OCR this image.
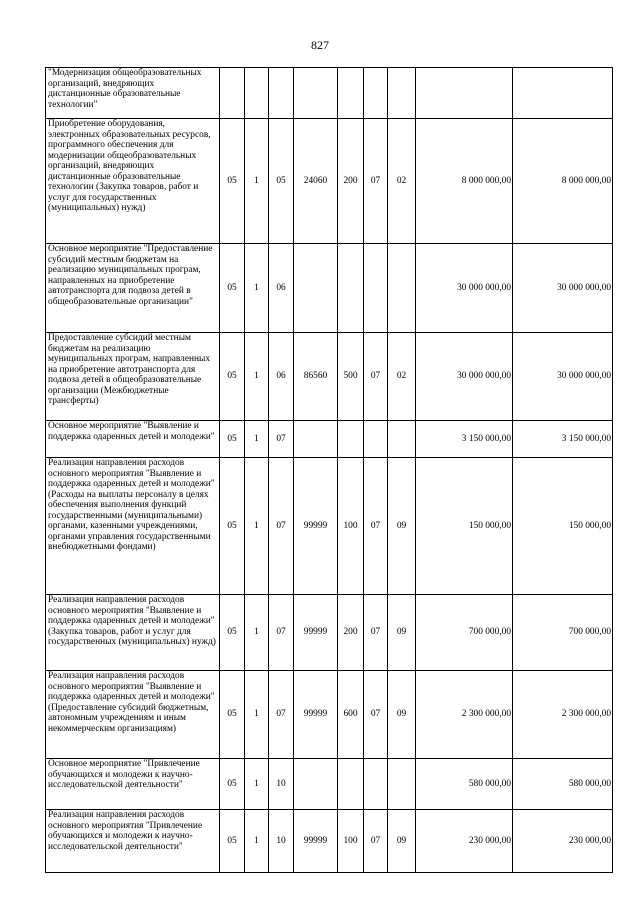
827
"Модернизация общеобразовательных организаций, внедряющих дистанционные образовательные технологии"									
Приобретение оборудования, электронных образовательных ресурсов, программного обеспечения для модернизации общеобразовательных организаций, внедряющих дистанционные образовательные технологии (Закупка товаров, работ и услуг для государственных (муниципальных) нужд)	05	1	05	24060	200	07	02	8 000 000,00	8 000 000,00
Основное мероприятие "Предоставление субсидий местным бюджетам на реализацию муниципальных програм, направленных на приобретение автотранспорта для подвоза детей в общеобразовательные организации"	05	1	06					30 000 000,00	30 000 000,00
Предоставление субсидий местным бюджетам на реализацию муниципальных програм, направленных на приобретение автотранспорта для подвоза детей в общеобразовательные организации (Межбюджетные трансферты)	05	1	06	86560	500	07	02	30 000 000,00	30 000 000,00
Основное мероприятие "Выявление и поддержка одаренных детей и молодежи"	05	1	07					3 150 000,00	3 150 000,00
Реализация направления расходов основного мероприятия "Выявление и поддержка одаренных детей и молодежи" (Расходы на выплаты персоналу в целях обеспечения выполнения функций государственными (муниципальными) органами, казенными учреждениями, органами управления государственными внебюджетными фондами)	05	1	07	99999	100	07	09	150 000,00	150 000,00
Реализация направления расходов основного мероприятия "Выявление и поддержка одаренных детей и молодежи" (Закупка товаров, работ и услуг для государственных (муниципальных) нужд)	05	1	07	99999	200	07	09	700 000,00	700 000,00
Реализация направления расходов основного мероприятия "Выявление и поддержка одаренных детей и молодежи" (Предоставление субсидий бюджетным, автономным учреждениям и иным некоммерческим организациям)	05	1	07	99999	600	07	09	2 300 000,00	2 300 000,00
Основное мероприятие "Привлечение обучающихся и молодежи к научно-исследовательской деятельности"	05	1	10					580 000,00	580 000,00
Реализация направления расходов основного мероприятия "Привлечение обучающихся и молодежи к научно-исследовательской деятельности"	05	1	10	99999	100	07	09	230 000,00	230 000,00
